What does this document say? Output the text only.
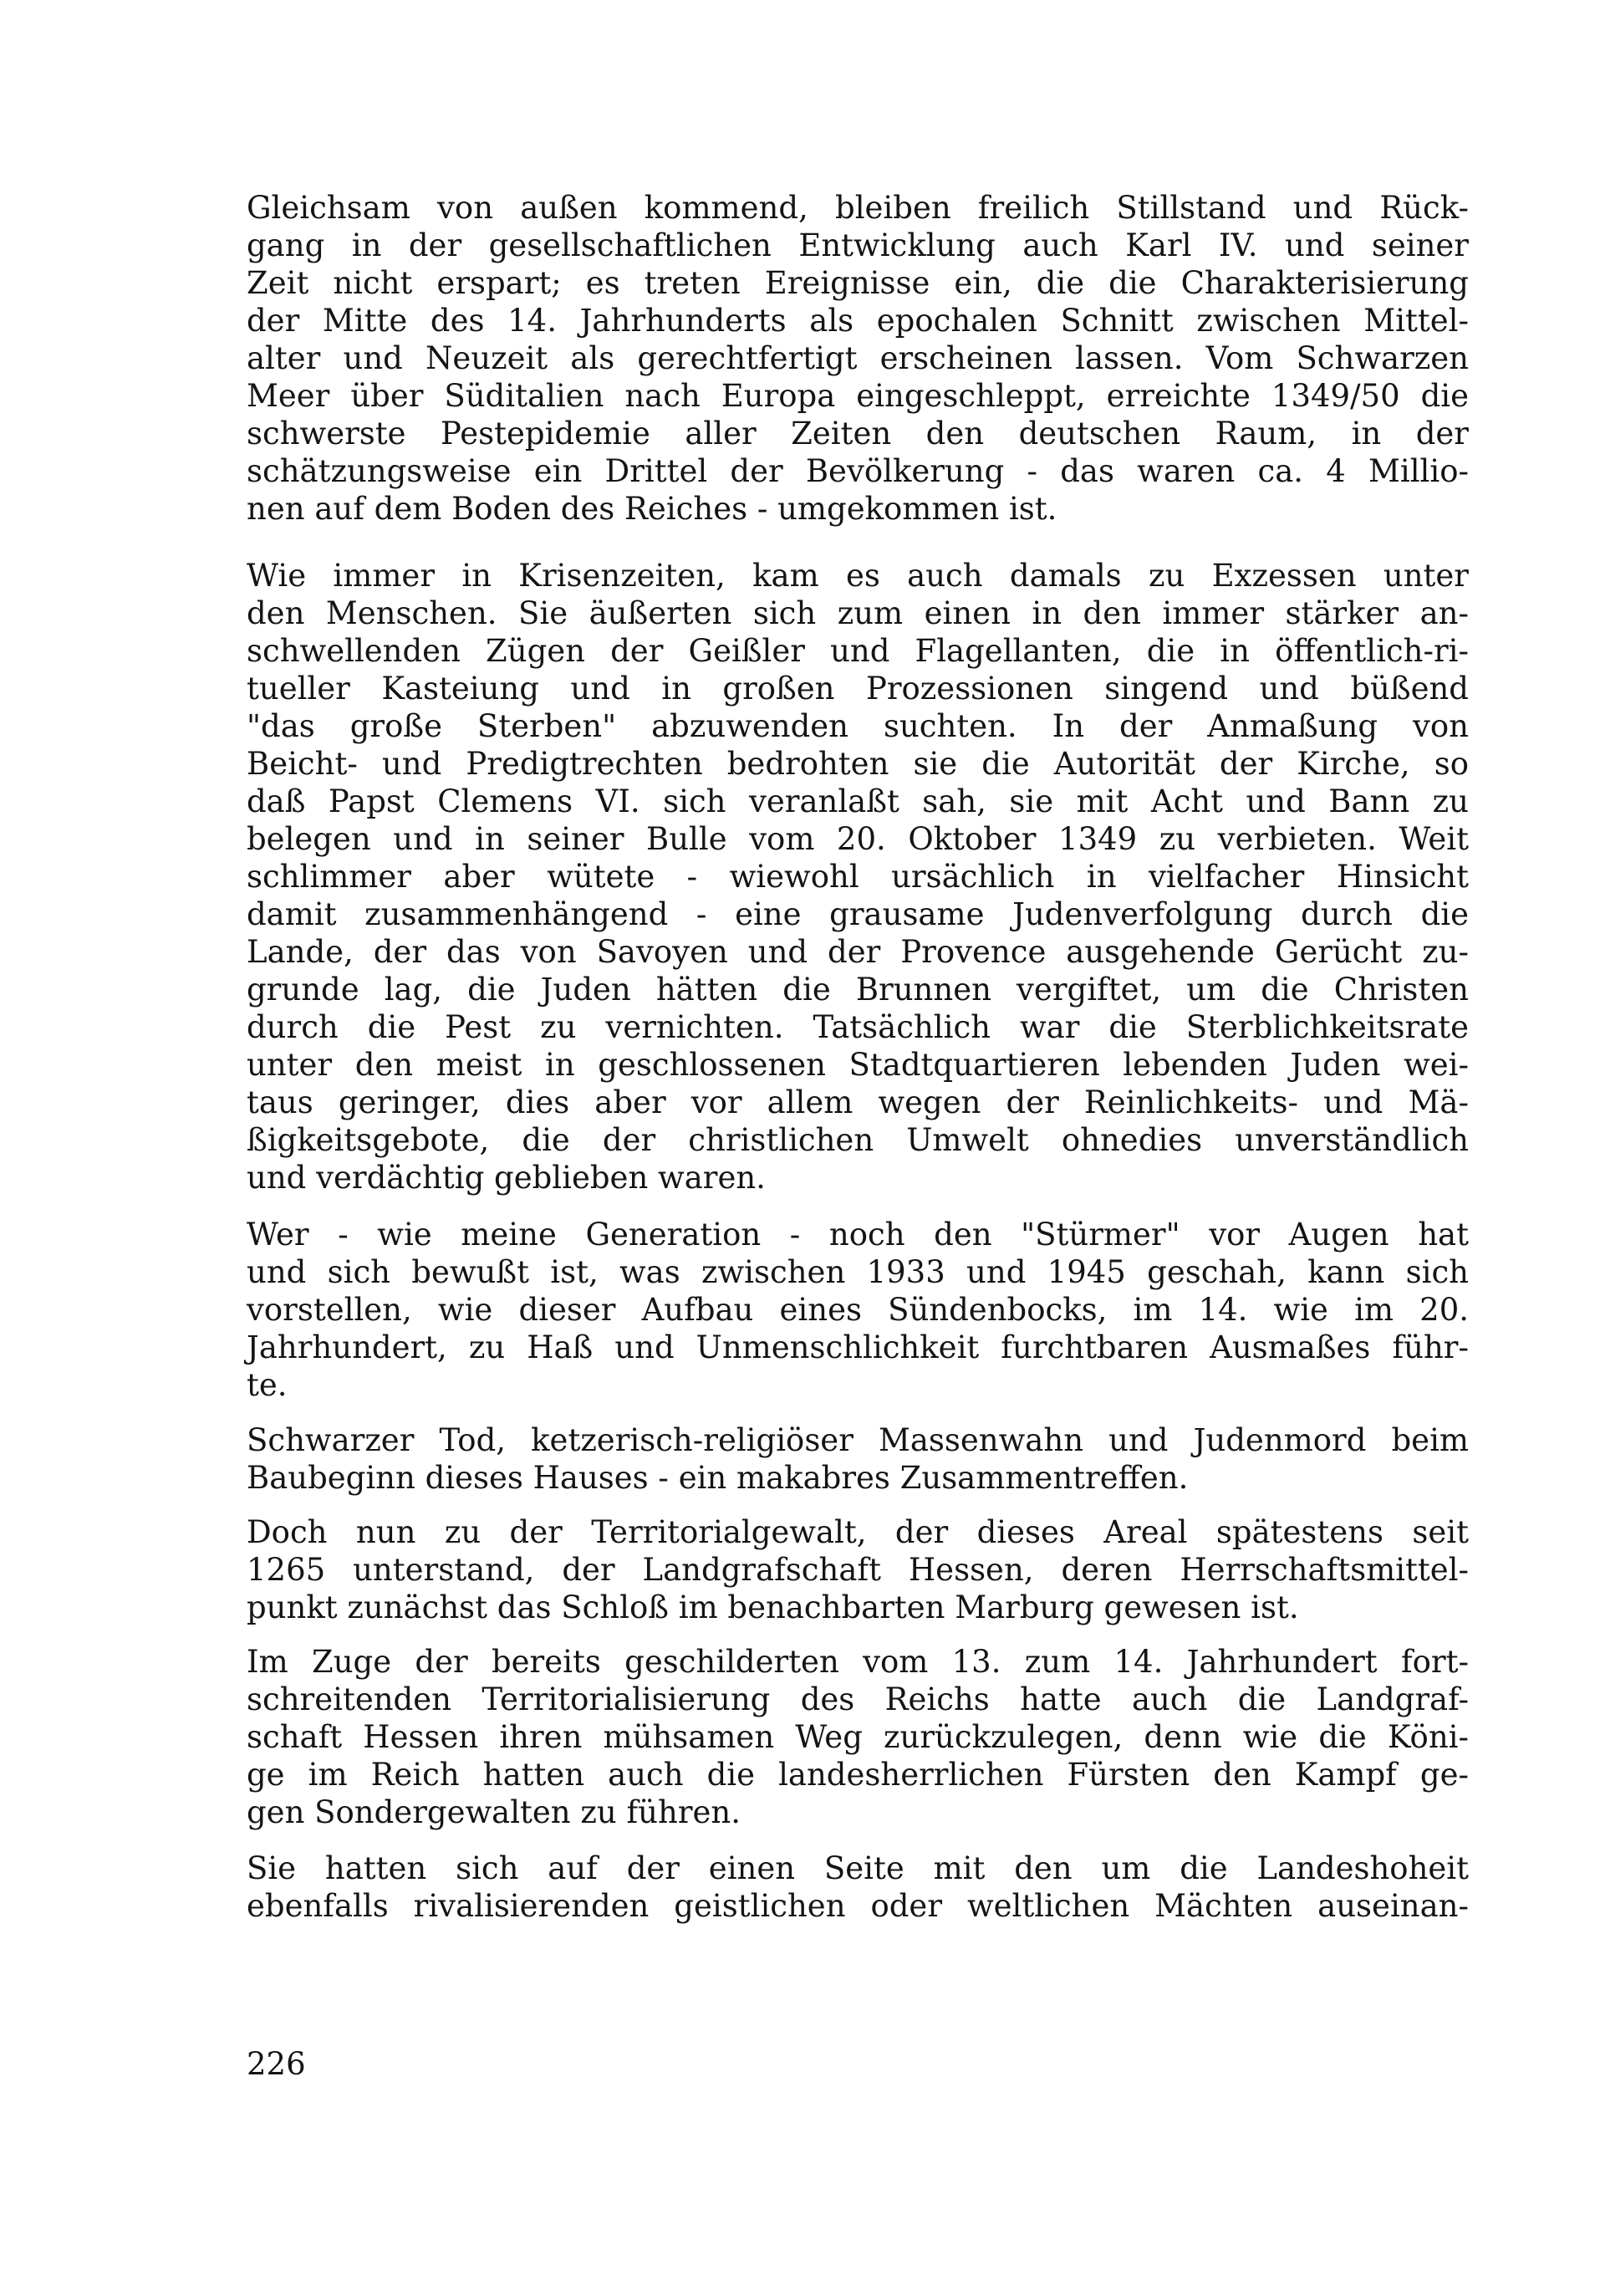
Gleichsam von außen kommend, bleiben freilich Stillstand und Rück-
gang in der gesellschaftlichen Entwicklung auch Karl IV. und seiner
Zeit nicht erspart; es treten Ereignisse ein, die die Charakterisierung
der Mitte des 14. Jahrhunderts als epochalen Schnitt zwischen Mittel-
alter und Neuzeit als gerechtfertigt erscheinen lassen. Vom Schwarzen
Meer über Süditalien nach Europa eingeschleppt, erreichte 1349/50 die
schwerste Pestepidemie aller Zeiten den deutschen Raum, in der
schätzungsweise ein Drittel der Bevölkerung - das waren ca. 4 Millio-
nen auf dem Boden des Reiches - umgekommen ist.
Wie immer in Krisenzeiten, kam es auch damals zu Exzessen unter
den Menschen. Sie äußerten sich zum einen in den immer stärker an-
schwellenden Zügen der Geißler und Flagellanten, die in öffentlich-ri-
tueller Kasteiung und in großen Prozessionen singend und büßend
"das große Sterben" abzuwenden suchten. In der Anmaßung von
Beicht- und Predigtrechten bedrohten sie die Autorität der Kirche, so
daß Papst Clemens VI. sich veranlaßt sah, sie mit Acht und Bann zu
belegen und in seiner Bulle vom 20. Oktober 1349 zu verbieten. Weit
schlimmer aber wütete - wiewohl ursächlich in vielfacher Hinsicht
damit zusammenhängend - eine grausame Judenverfolgung durch die
Lande, der das von Savoyen und der Provence ausgehende Gerücht zu-
grunde lag, die Juden hätten die Brunnen vergiftet, um die Christen
durch die Pest zu vernichten. Tatsächlich war die Sterblichkeitsrate
unter den meist in geschlossenen Stadtquartieren lebenden Juden wei-
taus geringer, dies aber vor allem wegen der Reinlichkeits- und Mä-
ßigkeitsgebote, die der christlichen Umwelt ohnedies unverständlich
und verdächtig geblieben waren.
Wer - wie meine Generation - noch den "Stürmer" vor Augen hat
und sich bewußt ist, was zwischen 1933 und 1945 geschah, kann sich
vorstellen, wie dieser Aufbau eines Sündenbocks, im 14. wie im 20.
Jahrhundert, zu Haß und Unmenschlichkeit furchtbaren Ausmaßes führ-
te.
Schwarzer Tod, ketzerisch-religiöser Massenwahn und Judenmord beim
Baubeginn dieses Hauses - ein makabres Zusammentreffen.
Doch nun zu der Territorialgewalt, der dieses Areal spätestens seit
1265 unterstand, der Landgrafschaft Hessen, deren Herrschaftsmittel-
punkt zunächst das Schloß im benachbarten Marburg gewesen ist.
Im Zuge der bereits geschilderten vom 13. zum 14. Jahrhundert fort-
schreitenden Territorialisierung des Reichs hatte auch die Landgraf-
schaft Hessen ihren mühsamen Weg zurückzulegen, denn wie die Köni-
ge im Reich hatten auch die landesherrlichen Fürsten den Kampf ge-
gen Sondergewalten zu führen.
Sie hatten sich auf der einen Seite mit den um die Landeshoheit
ebenfalls rivalisierenden geistlichen oder weltlichen Mächten auseinan-
226
